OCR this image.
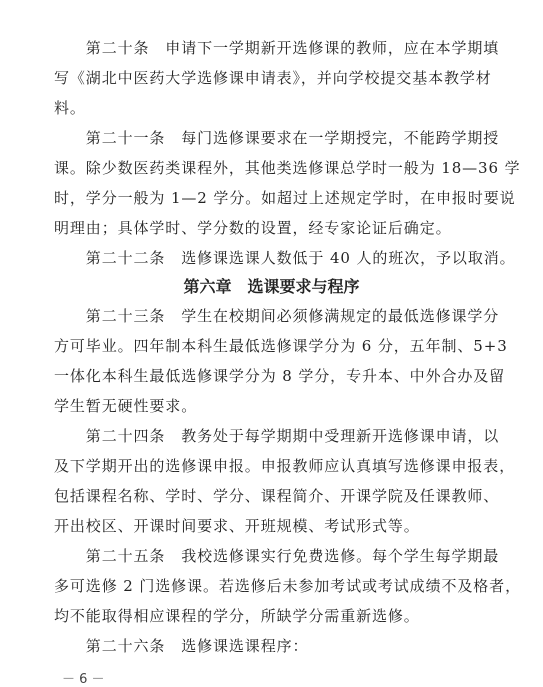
　　第二十条　申请下一学期新开选修课的教师，应在本学期填
写《湖北中医药大学选修课申请表》，并向学校提交基本教学材
料。
　　第二十一条　每门选修课要求在一学期授完，不能跨学期授
课。除少数医药类课程外，其他类选修课总学时一般为 18—36 学
时，学分一般为 1—2 学分。如超过上述规定学时，在申报时要说
明理由；具体学时、学分数的设置，经专家论证后确定。
　　第二十二条　选修课选课人数低于 40 人的班次，予以取消。
第六章　选课要求与程序
　　第二十三条　学生在校期间必须修满规定的最低选修课学分
方可毕业。四年制本科生最低选修课学分为 6 分，五年制、5+3
一体化本科生最低选修课学分为 8 学分，专升本、中外合办及留
学生暂无硬性要求。
　　第二十四条　教务处于每学期期中受理新开选修课申请，以
及下学期开出的选修课申报。申报教师应认真填写选修课申报表，
包括课程名称、学时、学分、课程简介、开课学院及任课教师、
开出校区、开课时间要求、开班规模、考试形式等。
　　第二十五条　我校选修课实行免费选修。每个学生每学期最
多可选修 2 门选修课。若选修后未参加考试或考试成绩不及格者，
均不能取得相应课程的学分，所缺学分需重新选修。
　　第二十六条　选修课选课程序：
－ 6 －
